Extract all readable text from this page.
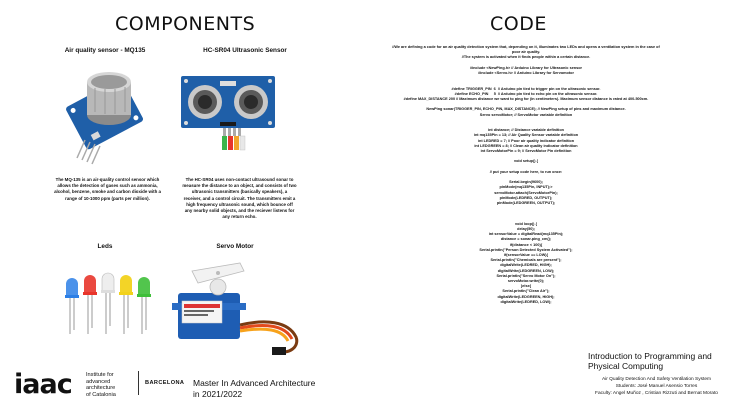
COMPONENTS
Air quality sensor - MQ135
The MQ-135 is an air-quality control sensor which
allows the detection of gases such as ammonia,
alcohol, benzene, smoke and carbon dioxide with a
range of 10-1000 ppm (parts per million).
HC-SR04 Ultrasonic Sensor
The HC-SR04 uses non-contact ultrasound sonar to
measure the distance to an object, and consists of two
ultrasonic transmitters (basically speakers), a
receiver, and a control circuit. The transmitters emit a
high frequency ultrasonic sound, which bounce off
any nearby solid objects, and the reciever listens for
any return echo.
Leds	Servo Motor
iaac	Institute for
advanced
architecture
of Catalonia
BARCELONA Master In Advanced Architecture
in 2021/2022
CODE
//We are defining a code for an air quality detection system that, depending on it, illuminates two LEDs and opens a ventilation system in the case of
poor air quality.
//The system is activated when it finds people within a certain distance.
#include <NewPing.h> // Arduino Library for Ultrasonic sensor
#include <Servo.h> // Arduino Library for Servomotor
#define TRIGGER_PIN  6  // Arduino pin tied to trigger pin on the ultrasonic sensor.
#define ECHO_PIN     5  // Arduino pin tied to echo pin on the ultrasonic sensor.
#define MAX_DISTANCE 200 // Maximum distance we want to ping for (in centimeters). Maximum sensor distance is rated at 400-500cm.
NewPing sonar(TRIGGER_PIN, ECHO_PIN, MAX_DISTANCE); // NewPing setup of pins and maximum distance.
Servo servoMotor; // ServoMotor variable definition
int distance; // Distance variable definition
int mq135Pin = 13; // Air Quality Sensor variable definition
int LEDRED = 7; // Poor air quality indicator definition
int LEDGREEN = 8; // Clean air quality indicator definition
int ServoMotorPin = 9; // ServoMotor Pin definition
void setup() {
// put your setup code here, to run once:
Serial.begin(9600);
pinMode(mq135Pin, INPUT);>
servoMotor.attach(ServoMotorPin);
pinMode(LEDRED, OUTPUT);
pinMode(LEDGREEN, OUTPUT);
void loop() {
delay(50);
int sensorValue = digitalRead(mq135Pin);
distance = sonar.ping_cm();
if(distance < 100){
Serial.println("Person Detected System Activated");
if(sensorValue == LOW){
Serial.println("Chemicals are present");
digitalWrite(LEDRED, HIGH);
digitalWrite(LEDGREEN, LOW);
Serial.println("Servo Motor On");
servoMotor.write(0);
}else{
Serial.println("Clean Air");
digitalWrite(LEDGREEN, HIGH);
digitalWrite(LEDRED, LOW);
Introduction to Programming and
Physical Computing
Air Quality Detection And Safety Ventilation System
Students: José Manuel Asensio Torres
Faculty: Angel Muñoz , Cristian Rizzuti and Bernat Morato
